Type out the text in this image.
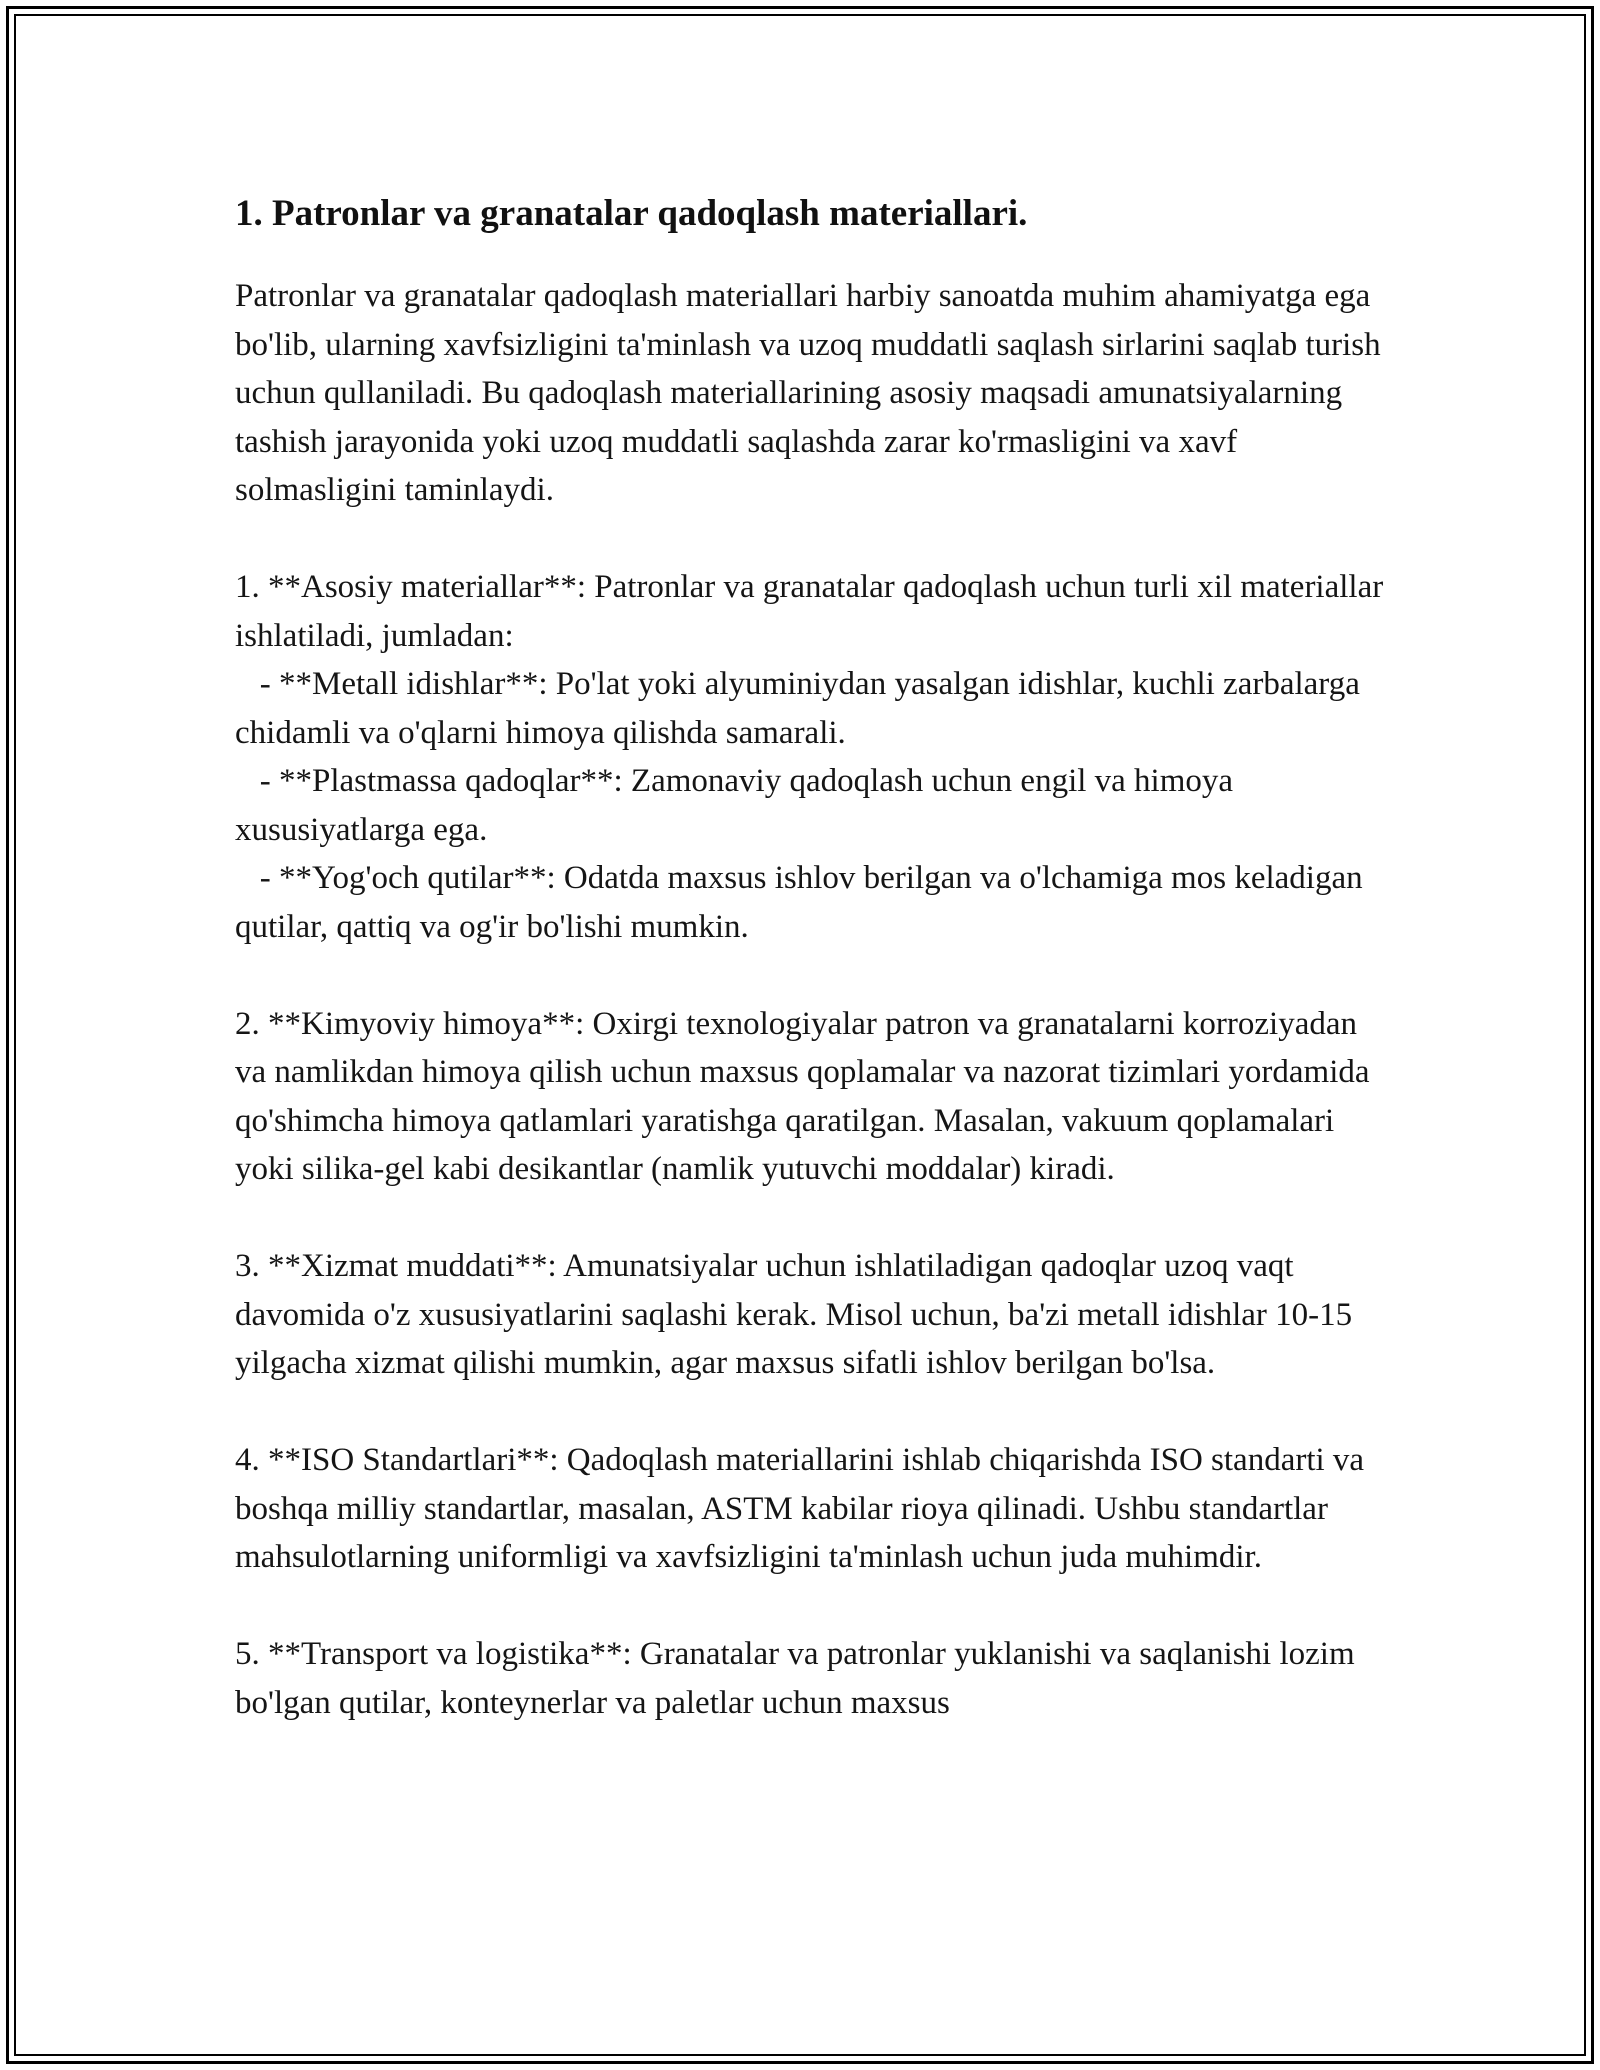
1. Patronlar va granatalar qadoqlash materiallari.

Patronlar va granatalar qadoqlash materiallari harbiy sanoatda muhim ahamiyatga ega bo'lib, ularning xavfsizligini ta'minlash va uzoq muddatli saqlash sirlarini saqlab turish uchun qullaniladi. Bu qadoqlash materiallarining asosiy maqsadi amunatsiyalarning tashish jarayonida yoki uzoq muddatli saqlashda zarar ko'rmasligini va xavf solmasligini taminlaydi.

1. **Asosiy materiallar**: Patronlar va granatalar qadoqlash uchun turli xil materiallar ishlatiladi, jumladan:

- **Metall idishlar**: Po'lat yoki alyuminiydan yasalgan idishlar, kuchli zarbalarga chidamli va o'qlarni himoya qilishda samarali.

- **Plastmassa qadoqlar**: Zamonaviy qadoqlash uchun engil va himoya xususiyatlarga ega.

- **Yog'och qutilar**: Odatda maxsus ishlov berilgan va o'lchamiga mos keladigan qutilar, qattiq va og'ir bo'lishi mumkin.

2. **Kimyoviy himoya**: Oxirgi texnologiyalar patron va granatalarni korroziyadan va namlikdan himoya qilish uchun maxsus qoplamalar va nazorat tizimlari yordamida qo'shimcha himoya qatlamlari yaratishga qaratilgan. Masalan, vakuum qoplamalari yoki silika-gel kabi desikantlar (namlik yutuvchi moddalar) kiradi.

3. **Xizmat muddati**: Amunatsiyalar uchun ishlatiladigan qadoqlar uzoq vaqt davomida o'z xususiyatlarini saqlashi kerak. Misol uchun, ba'zi metall idishlar 10-15 yilgacha xizmat qilishi mumkin, agar maxsus sifatli ishlov berilgan bo'lsa.

4. **ISO Standartlari**: Qadoqlash materiallarini ishlab chiqarishda ISO standarti va boshqa milliy standartlar, masalan, ASTM kabilar rioya qilinadi. Ushbu standartlar mahsulotlarning uniformligi va xavfsizligini ta'minlash uchun juda muhimdir.

5. **Transport va logistika**: Granatalar va patronlar yuklanishi va saqlanishi lozim bo'lgan qutilar, konteynerlar va paletlar uchun maxsus
